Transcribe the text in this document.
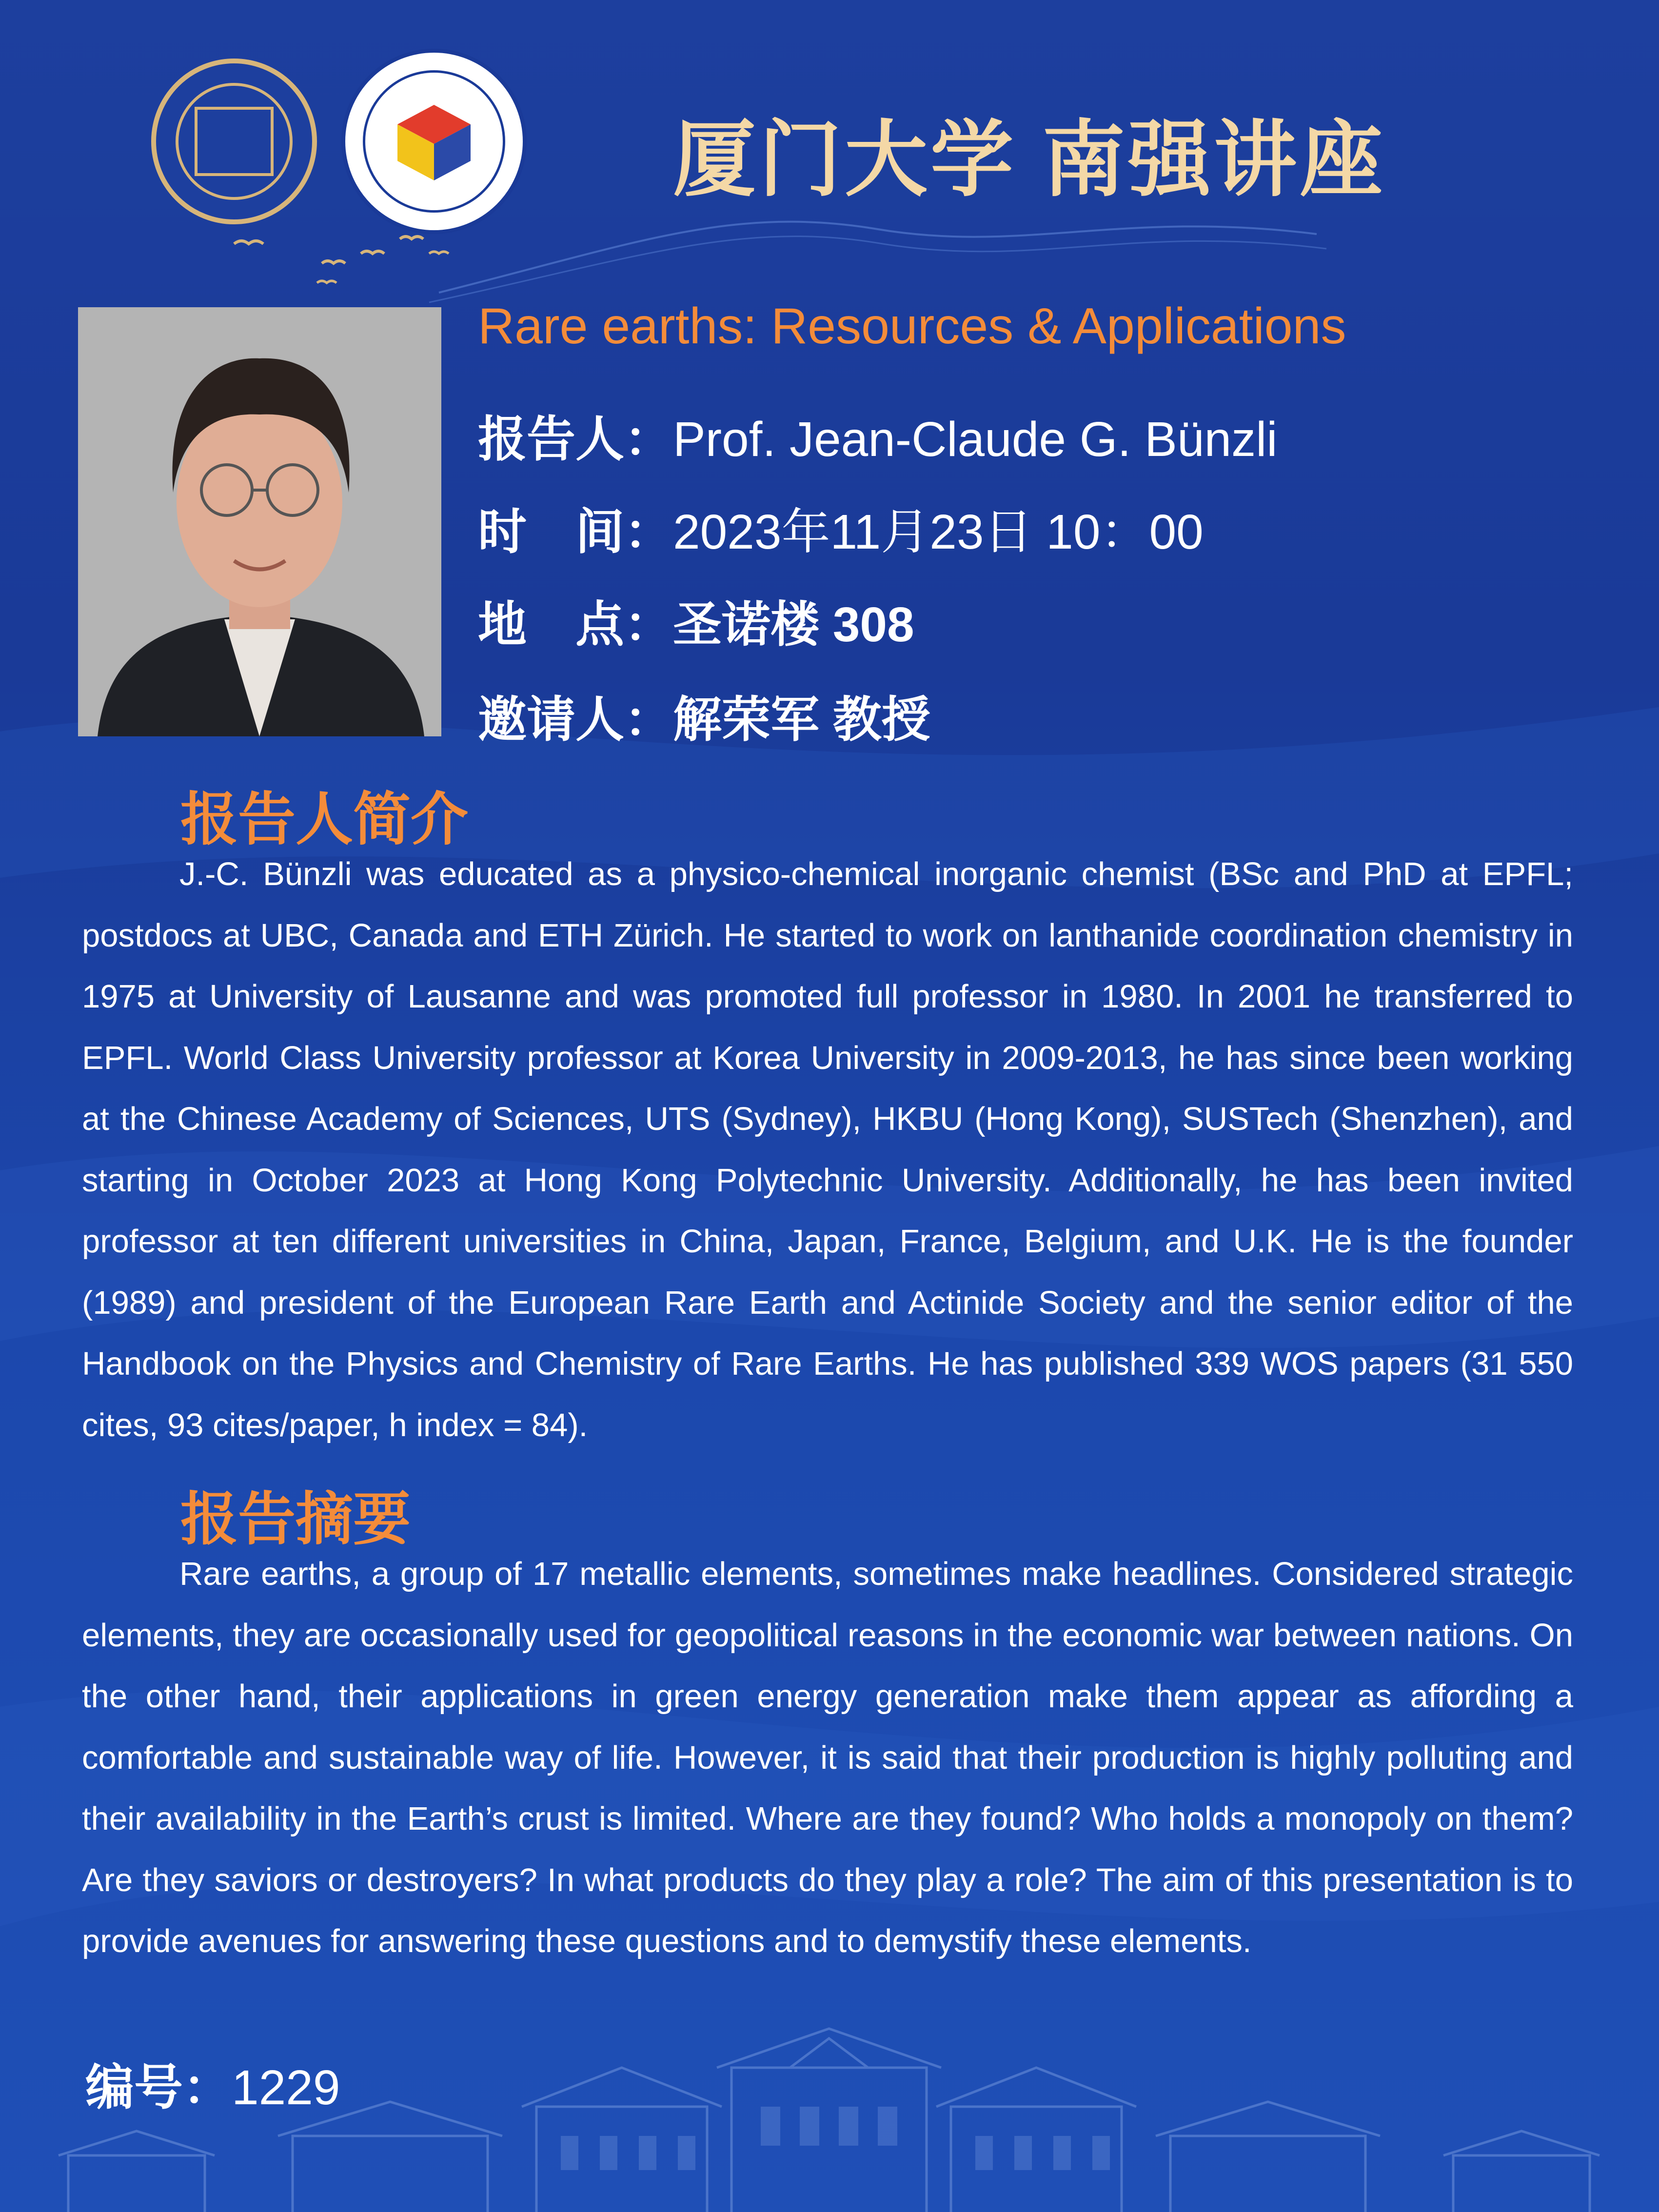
厦门大学 南强讲座
Rare earths: Resources & Applications
报告人：Prof. Jean-Claude G. Bünzli
时　间：2023年11月23日 10：00
地　点：圣诺楼 308
邀请人：解荣军 教授
报告人简介

J.-C. Bünzli was educated as a physico-chemical inorganic chemist (BSc and PhD at EPFL; postdocs at UBC, Canada and ETH Zürich. He started to work on lanthanide coordination chemistry in 1975 at University of Lausanne and was promoted full professor in 1980. In 2001 he transferred to EPFL. World Class University professor at Korea University in 2009-2013, he has since been working at the Chinese Academy of Sciences, UTS (Sydney), HKBU (Hong Kong), SUSTech (Shenzhen), and starting in October 2023 at Hong Kong Polytechnic University. Additionally, he has been invited professor at ten different universities in China, Japan, France, Belgium, and U.K. He is the founder (1989) and president of the European Rare Earth and Actinide Society and the senior editor of the Handbook on the Physics and Chemistry of Rare Earths. He has published 339 WOS papers (31 550 cites, 93 cites/paper, h index = 84).

报告摘要

Rare earths, a group of 17 metallic elements, sometimes make headlines. Considered strategic elements, they are occasionally used for geopolitical reasons in the economic war between nations. On the other hand, their applications in green energy generation make them appear as affording a comfortable and sustainable way of life. However, it is said that their production is highly polluting and their availability in the Earth’s crust is limited. Where are they found? Who holds a monopoly on them? Are they saviors or destroyers? In what products do they play a role? The aim of this presentation is to provide avenues for answering these questions and to demystify these elements.

编号：1229
